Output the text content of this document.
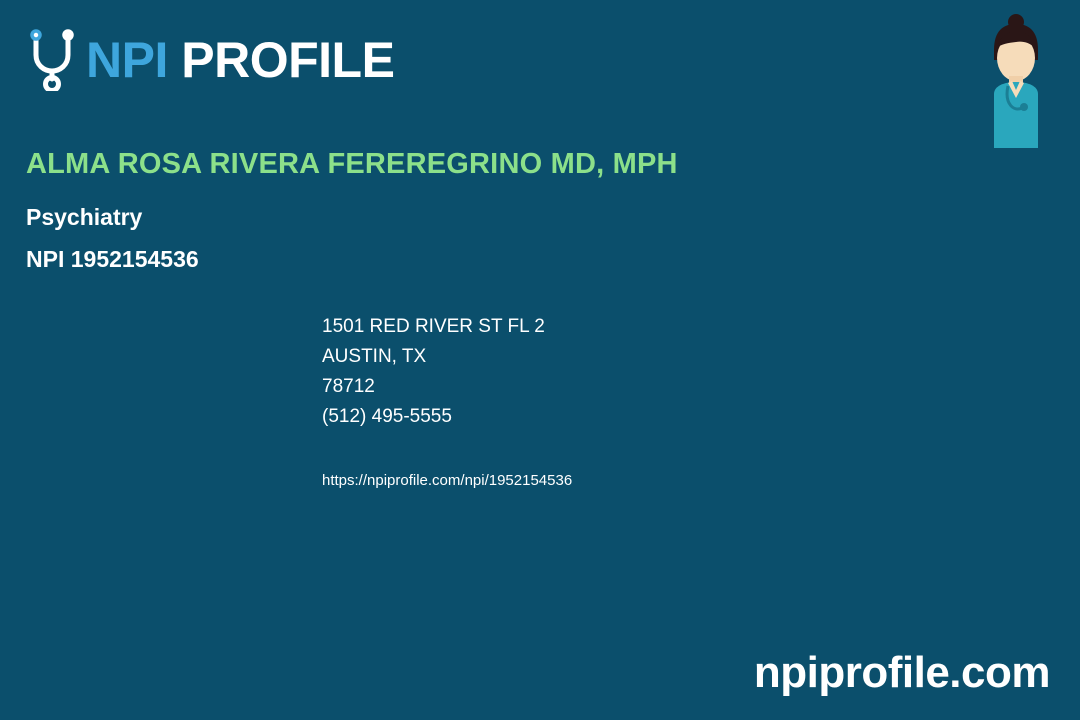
NPI PROFILE
ALMA ROSA RIVERA FEREREGRINO MD, MPH
Psychiatry
NPI 1952154536
1501 RED RIVER ST FL 2
AUSTIN, TX
78712
(512) 495-5555
https://npiprofile.com/npi/1952154536
npiprofile.com
